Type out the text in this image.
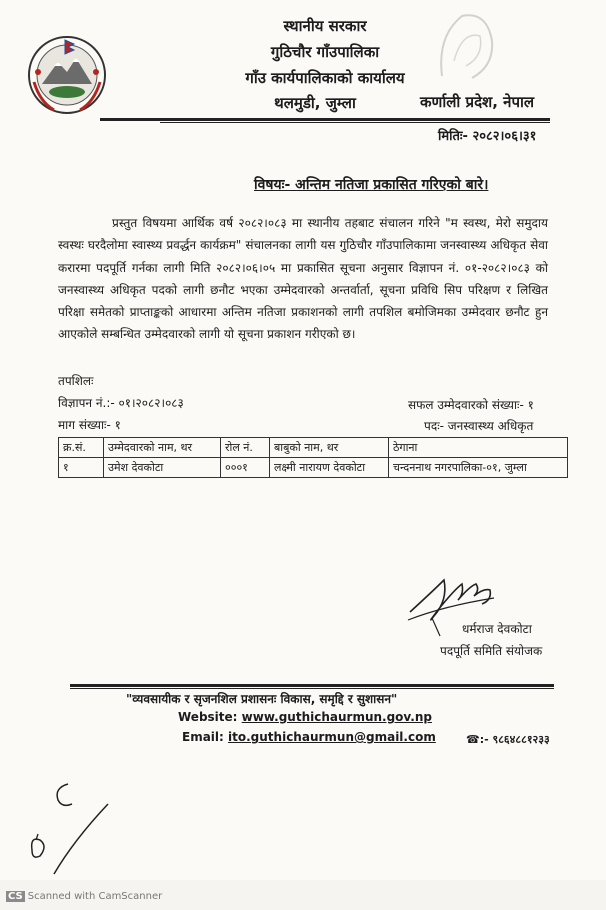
स्थानीय सरकार
गुठिचौर गाँउपालिका
गाँउ कार्यपालिकाको कार्यालय
थलमुडी, जुम्ला	कर्णाली प्रदेश, नेपाल
मितिः- २०८२।०६।३१
विषयः- अन्तिम नतिजा प्रकासित गरिएको बारे।
प्रस्तुत विषयमा आर्थिक वर्ष २०८२।०८३ मा स्थानीय तहबाट संचालन गरिने "म स्वस्थ, मेरो समुदाय स्वस्थः घरदैलोमा स्वास्थ्य प्रवर्द्धन कार्यक्रम" संचालनका लागी यस गुठिचौर गाँउपालिकामा जनस्वास्थ्य अधिकृत सेवा करारमा पदपूर्ति गर्नका लागी मिति २०८२।०६।०५ मा प्रकासित सूचना अनुसार विज्ञापन नं. ०१-२०८२।०८३ को जनस्वास्थ्य अधिकृत पदको लागी छनौट भएका उम्मेदवारको अन्तर्वार्ता, सूचना प्रविधि सिप परिक्षण र लिखित परिक्षा समेतको प्राप्ताङ्कको आधारमा अन्तिम नतिजा प्रकाशनको लागी तपशिल बमोजिमका उम्मेदवार छनौट हुन आएकोले सम्बन्धित उम्मेदवारको लागी यो सूचना प्रकाशन गरीएको छ।
तपशिलः
विज्ञापन नं.:- ०१।२०८२।०८३
माग संख्याः- १
सफल उम्मेदवारको संख्याः- १
पदः- जनस्वास्थ्य अधिकृत
क्र.सं.	उम्मेदवारको नाम, थर	रोल नं.	बाबुको नाम, थर	ठेगाना
१	उमेश देवकोटा	०००१	लक्ष्मी नारायण देवकोटा	चन्दननाथ नगरपालिका-०१, जुम्ला
धर्मराज देवकोटा
पदपूर्ति समिति संयोजक
"व्यवसायीक र सृजनशिल प्रशासनः विकास, समृद्दि र सुशासन"
Website: www.guthichaurmun.gov.np
Email: ito.guthichaurmun@gmail.com	☎:- ९८६४८८१२३३
CS Scanned with CamScanner
